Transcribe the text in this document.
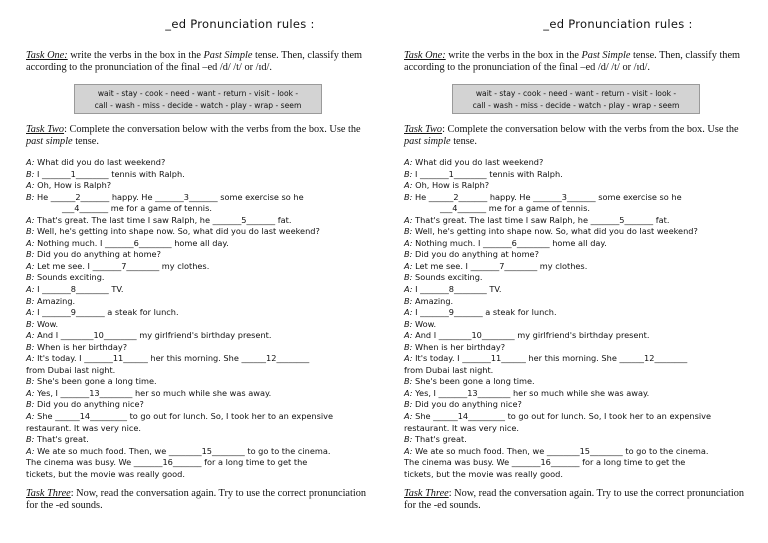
_ed Pronunciation rules :
Task One: write the verbs in the box in the Past Simple tense. Then, classify them according to the pronunciation of the final –ed /d/ /t/ or /ɪd/.
wait - stay - cook - need - want - return - visit - look -
call - wash - miss - decide - watch - play - wrap - seem
Task Two: Complete the conversation below with the verbs from the box. Use the past simple tense.
A: What did you do last weekend?
B: I _______1________ tennis with Ralph.
A: Oh, How is Ralph?
B: He ______2_______ happy. He _______3_______ some exercise so he
___4_______ me for a game of tennis.
A: That's great. The last time I saw Ralph, he _______5_______ fat.
B: Well, he's getting into shape now. So, what did you do last weekend?
A: Nothing much. I _______6________ home all day.
B: Did you do anything at home?
A: Let me see. I _______7________ my clothes.
B: Sounds exciting.
A: I _______8________ TV.
B: Amazing.
A: I _______9_______ a steak for lunch.
B: Wow.
A: And I ________10________ my girlfriend's birthday present.
B: When is her birthday?
A: It's today. I _______11______ her this morning. She ______12________
from Dubai last night.
B: She's been gone a long time.
A: Yes, I _______13________ her so much while she was away.
B: Did you do anything nice?
A: She ______14_________ to go out for lunch. So, I took her to an expensive
restaurant. It was very nice.
B: That's great.
A: We ate so much food. Then, we ________15________ to go to the cinema.
The cinema was busy. We _______16_______ for a long time to get the
tickets, but the movie was really good.
Task Three: Now, read the conversation again. Try to use the correct pronunciation for the -ed sounds.
_ed Pronunciation rules :
Task One: write the verbs in the box in the Past Simple tense. Then, classify them according to the pronunciation of the final –ed /d/ /t/ or /ɪd/.
wait - stay - cook - need - want - return - visit - look -
call - wash - miss - decide - watch - play - wrap - seem
Task Two: Complete the conversation below with the verbs from the box. Use the past simple tense.
A: What did you do last weekend?
B: I _______1________ tennis with Ralph.
A: Oh, How is Ralph?
B: He ______2_______ happy. He _______3_______ some exercise so he
___4_______ me for a game of tennis.
A: That's great. The last time I saw Ralph, he _______5_______ fat.
B: Well, he's getting into shape now. So, what did you do last weekend?
A: Nothing much. I _______6________ home all day.
B: Did you do anything at home?
A: Let me see. I _______7________ my clothes.
B: Sounds exciting.
A: I _______8________ TV.
B: Amazing.
A: I _______9_______ a steak for lunch.
B: Wow.
A: And I ________10________ my girlfriend's birthday present.
B: When is her birthday?
A: It's today. I _______11______ her this morning. She ______12________
from Dubai last night.
B: She's been gone a long time.
A: Yes, I _______13________ her so much while she was away.
B: Did you do anything nice?
A: She ______14_________ to go out for lunch. So, I took her to an expensive
restaurant. It was very nice.
B: That's great.
A: We ate so much food. Then, we ________15________ to go to the cinema.
The cinema was busy. We _______16_______ for a long time to get the
tickets, but the movie was really good.
Task Three: Now, read the conversation again. Try to use the correct pronunciation for the -ed sounds.
